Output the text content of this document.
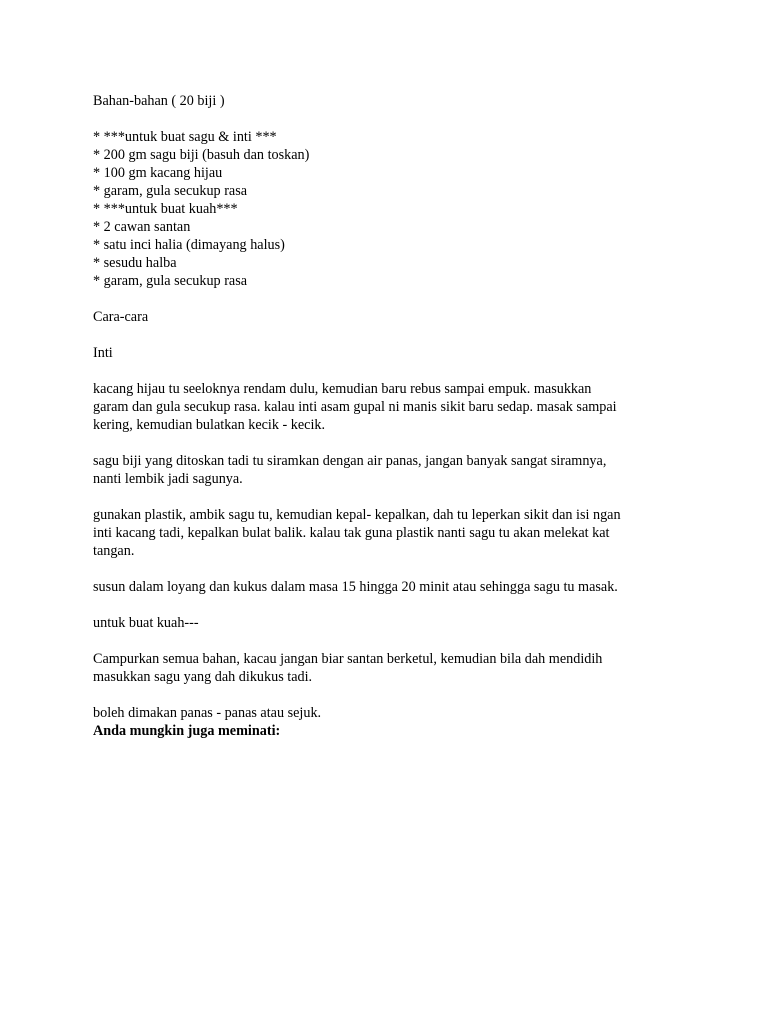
Bahan-bahan ( 20 biji )
* ***untuk buat sagu & inti ***
* 200 gm sagu biji (basuh dan toskan)
* 100 gm kacang hijau
* garam, gula secukup rasa
* ***untuk buat kuah***
* 2 cawan santan
* satu inci halia (dimayang halus)
* sesudu halba
* garam, gula secukup rasa
Cara-cara
Inti
kacang hijau tu seeloknya rendam dulu, kemudian baru rebus sampai empuk. masukkan
garam dan gula secukup rasa. kalau inti asam gupal ni manis sikit baru sedap. masak sampai
kering, kemudian bulatkan kecik - kecik.
sagu biji yang ditoskan tadi tu siramkan dengan air panas, jangan banyak sangat siramnya,
nanti lembik jadi sagunya.
gunakan plastik, ambik sagu tu, kemudian kepal- kepalkan, dah tu leperkan sikit dan isi ngan
inti kacang tadi, kepalkan bulat balik. kalau tak guna plastik nanti sagu tu akan melekat kat
tangan.
susun dalam loyang dan kukus dalam masa 15 hingga 20 minit atau sehingga sagu tu masak.
untuk buat kuah---
Campurkan semua bahan, kacau jangan biar santan berketul, kemudian bila dah mendidih
masukkan sagu yang dah dikukus tadi.
boleh dimakan panas - panas atau sejuk.
Anda mungkin juga meminati:
